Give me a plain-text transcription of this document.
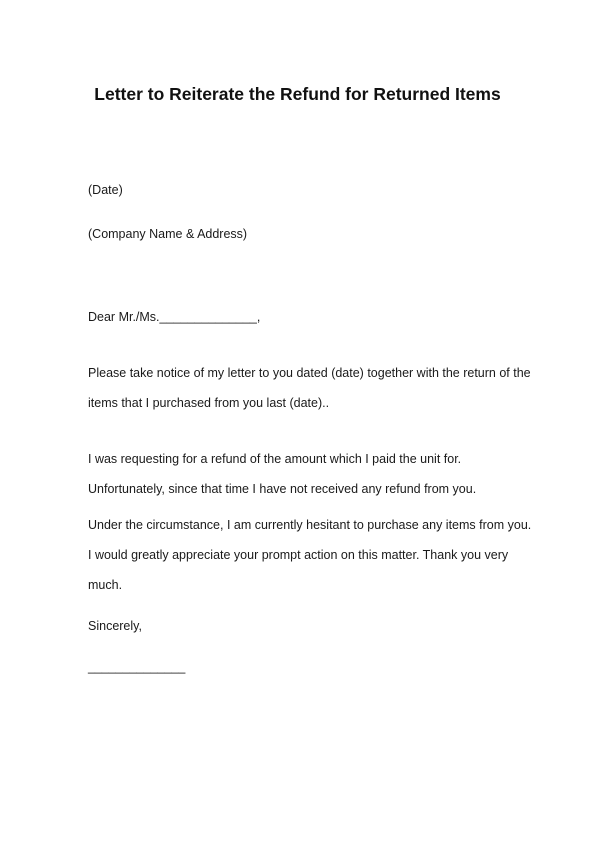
Letter to Reiterate the Refund for Returned Items
(Date)
(Company Name & Address)
Dear Mr./Ms.______________,
Please take notice of my letter to you dated (date) together with the return of the
items that I purchased from you last (date)..
I was requesting for a refund of the amount which I paid the unit for.
Unfortunately, since that time I have not received any refund from you.
Under the circumstance, I am currently hesitant to purchase any items from you.
I would greatly appreciate your prompt action on this matter. Thank you very
much.
Sincerely,
______________
